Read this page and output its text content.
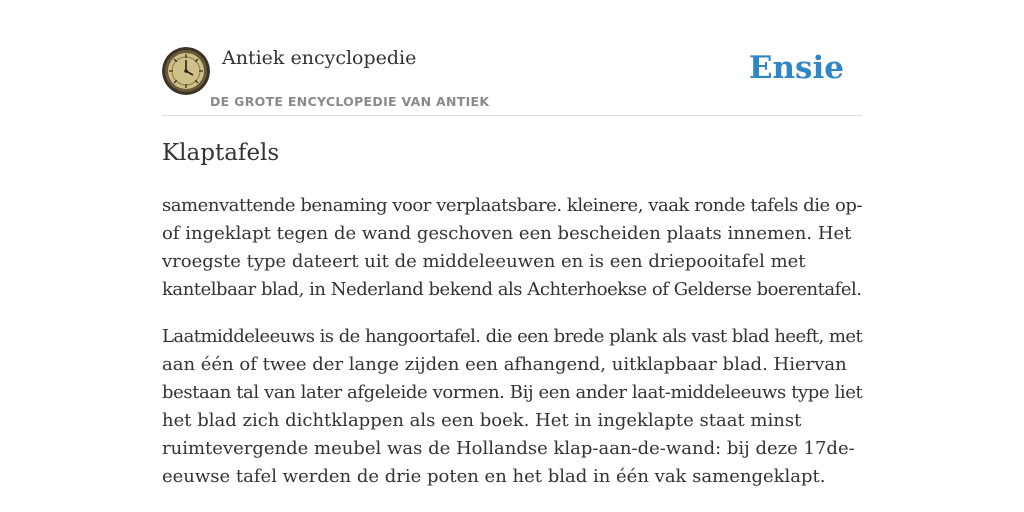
Antiek encyclopedie
DE GROTE ENCYCLOPEDIE VAN ANTIEK
Ensie
Klaptafels

samenvattende benaming voor verplaatsbare. kleinere, vaak ronde tafels die op-
of ingeklapt tegen de wand geschoven een bescheiden plaats innemen. Het
vroegste type dateert uit de middeleeuwen en is een driepooitafel met
kantelbaar blad, in Nederland bekend als Achterhoekse of Gelderse boerentafel.

Laatmiddeleeuws is de hangoortafel. die een brede plank als vast blad heeft, met
aan één of twee der lange zijden een afhangend, uitklapbaar blad. Hiervan
bestaan tal van later afgeleide vormen. Bij een ander laat-middeleeuws type liet
het blad zich dichtklappen als een boek. Het in ingeklapte staat minst
ruimtevergende meubel was de Hollandse klap-aan-de-wand: bij deze 17de-
eeuwse tafel werden de drie poten en het blad in één vak samengeklapt.
